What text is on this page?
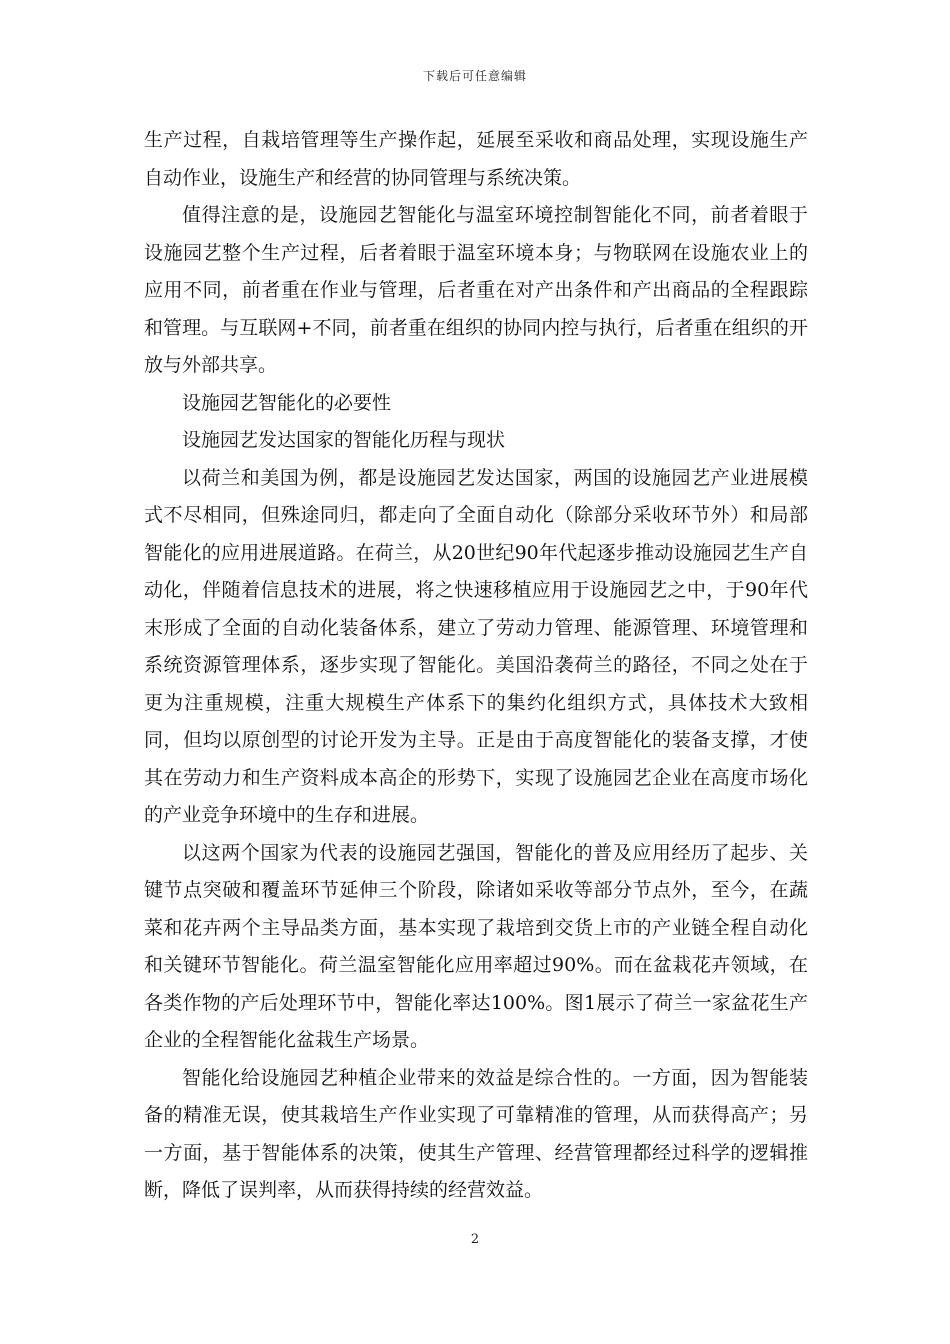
下载后可任意编辑

生产过程，自栽培管理等生产操作起，延展至采收和商品处理，实现设施生产自动作业，设施生产和经营的协同管理与系统决策。

值得注意的是，设施园艺智能化与温室环境控制智能化不同，前者着眼于设施园艺整个生产过程，后者着眼于温室环境本身；与物联网在设施农业上的应用不同，前者重在作业与管理，后者重在对产出条件和产出商品的全程跟踪和管理。与互联网+不同，前者重在组织的协同内控与执行，后者重在组织的开放与外部共享。

设施园艺智能化的必要性

设施园艺发达国家的智能化历程与现状

以荷兰和美国为例，都是设施园艺发达国家，两国的设施园艺产业进展模式不尽相同，但殊途同归，都走向了全面自动化（除部分采收环节外）和局部智能化的应用进展道路。在荷兰，从20世纪90年代起逐步推动设施园艺生产自动化，伴随着信息技术的进展，将之快速移植应用于设施园艺之中，于90年代末形成了全面的自动化装备体系，建立了劳动力管理、能源管理、环境管理和系统资源管理体系，逐步实现了智能化。美国沿袭荷兰的路径，不同之处在于更为注重规模，注重大规模生产体系下的集约化组织方式，具体技术大致相同，但均以原创型的讨论开发为主导。正是由于高度智能化的装备支撑，才使其在劳动力和生产资料成本高企的形势下，实现了设施园艺企业在高度市场化的产业竞争环境中的生存和进展。

以这两个国家为代表的设施园艺强国，智能化的普及应用经历了起步、关键节点突破和覆盖环节延伸三个阶段，除诸如采收等部分节点外，至今，在蔬菜和花卉两个主导品类方面，基本实现了栽培到交货上市的产业链全程自动化和关键环节智能化。荷兰温室智能化应用率超过90%。而在盆栽花卉领域，在各类作物的产后处理环节中，智能化率达100%。图1展示了荷兰一家盆花生产企业的全程智能化盆栽生产场景。

智能化给设施园艺种植企业带来的效益是综合性的。一方面，因为智能装备的精准无误，使其栽培生产作业实现了可靠精准的管理，从而获得高产；另一方面，基于智能体系的决策，使其生产管理、经营管理都经过科学的逻辑推断，降低了误判率，从而获得持续的经营效益。

2
